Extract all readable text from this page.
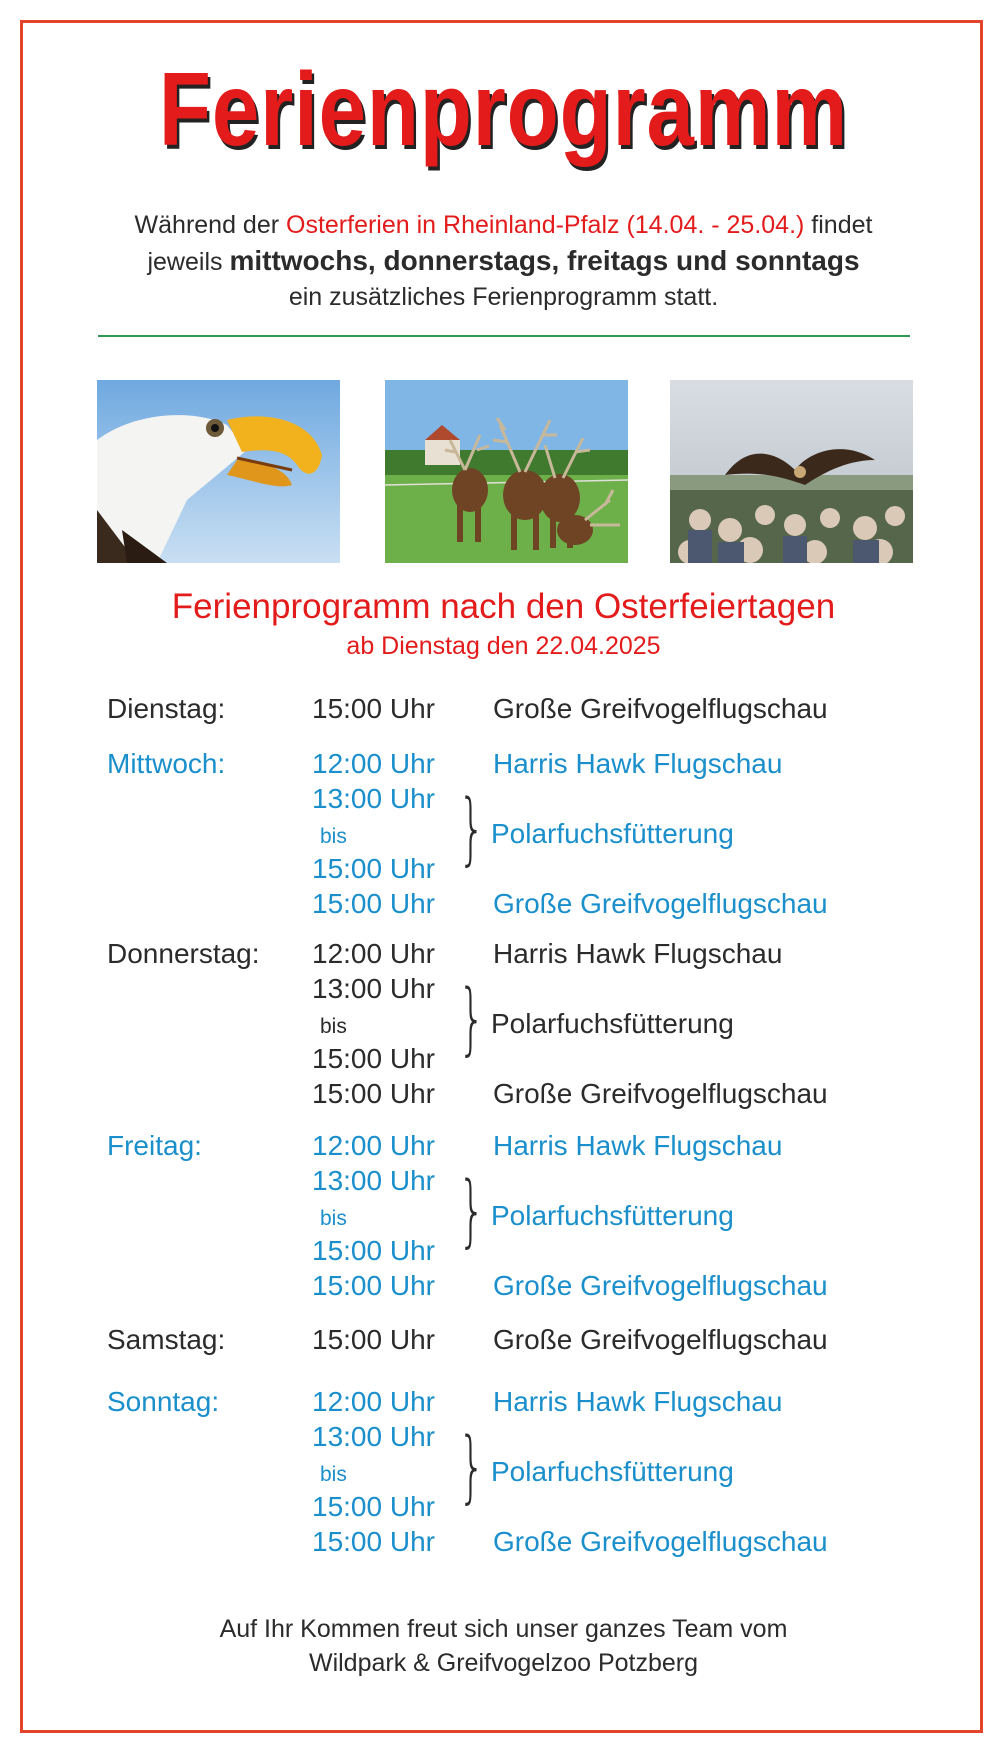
Ferienprogramm
Während der Osterferien in Rheinland-Pfalz (14.04. - 25.04.) findet
jeweils mittwochs, donnerstags, freitags und sonntags
ein zusätzliches Ferienprogramm statt.
Ferienprogramm nach den Osterfeiertagen
ab Dienstag den 22.04.2025
Dienstag:	15:00 Uhr Große Greifvogelflugschau
Mittwoch:	12:00 Uhr Harris Hawk Flugschau
13:00 Uhr
bis
15:00 Uhr } Polarfuchsfütterung
15:00 Uhr Große Greifvogelflugschau
Donnerstag: 12:00 Uhr Harris Hawk Flugschau
13:00 Uhr
bis
15:00 Uhr } Polarfuchsfütterung
15:00 Uhr Große Greifvogelflugschau
Freitag:	12:00 Uhr Harris Hawk Flugschau
13:00 Uhr
bis
15:00 Uhr } Polarfuchsfütterung
15:00 Uhr Große Greifvogelflugschau
Samstag:	15:00 Uhr Große Greifvogelflugschau
Sonntag:	12:00 Uhr Harris Hawk Flugschau
13:00 Uhr
bis
15:00 Uhr } Polarfuchsfütterung
15:00 Uhr Große Greifvogelflugschau
Auf Ihr Kommen freut sich unser ganzes Team vom
Wildpark & Greifvogelzoo Potzberg
